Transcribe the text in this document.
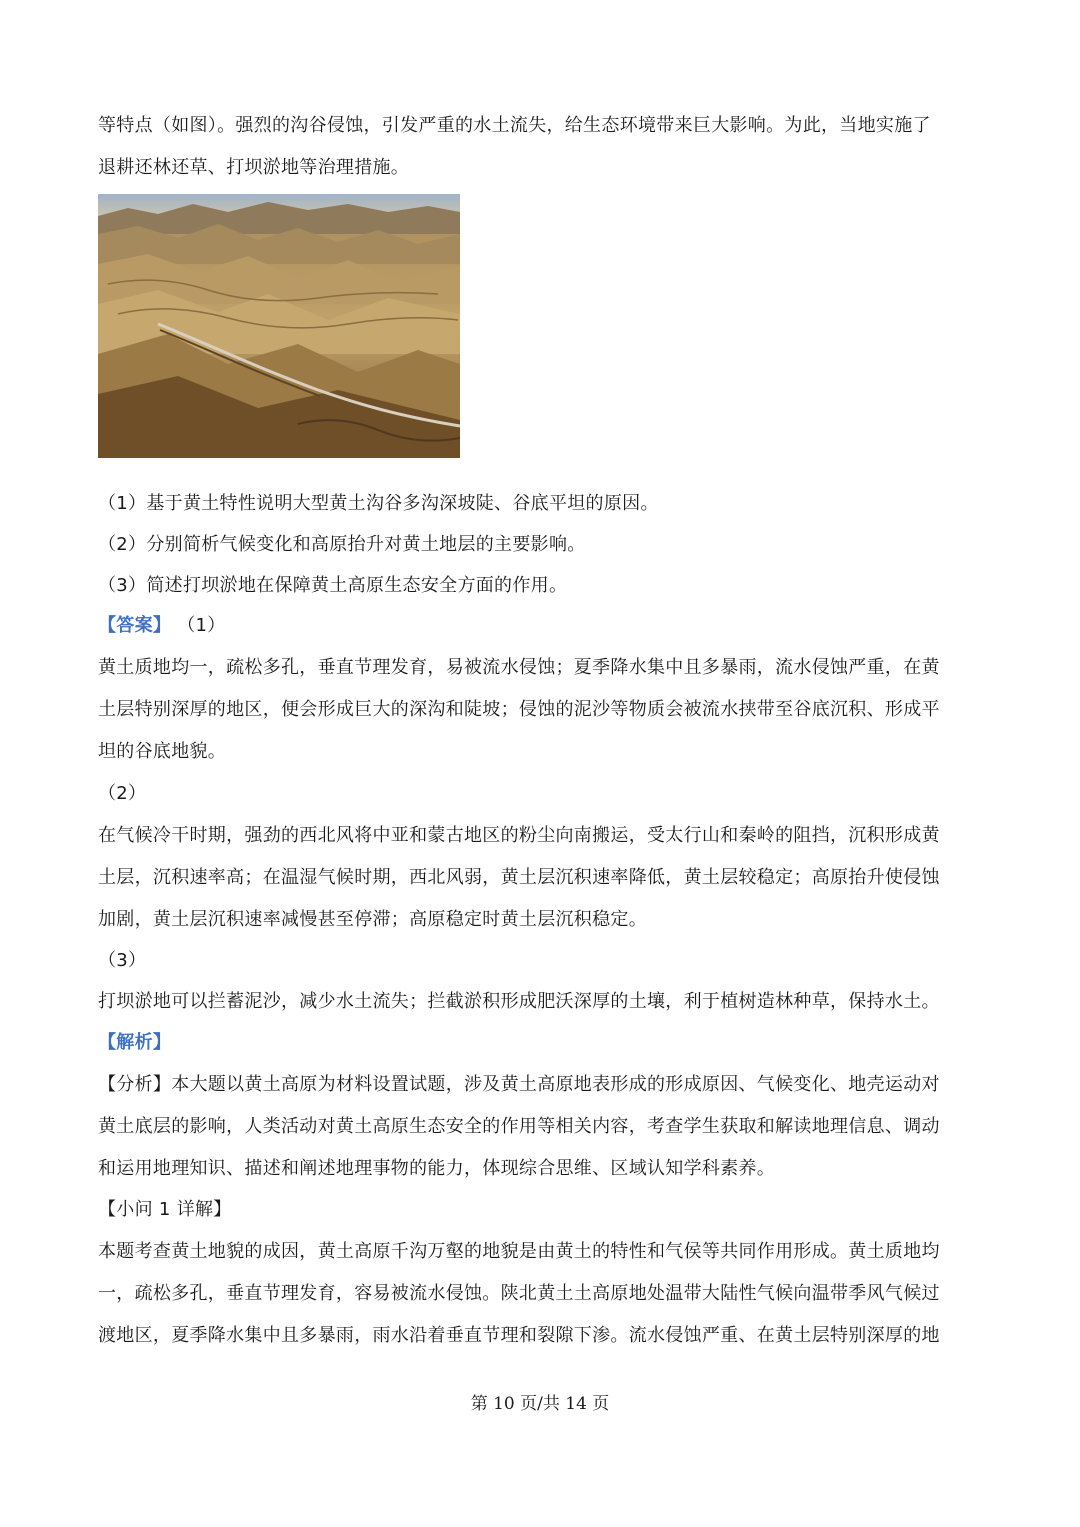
等特点（如图）。强烈的沟谷侵蚀，引发严重的水土流失，给生态环境带来巨大影响。为此，当地实施了
退耕还林还草、打坝淤地等治理措施。
（1）基于黄土特性说明大型黄土沟谷多沟深坡陡、谷底平坦的原因。
（2）分别简析气候变化和高原抬升对黄土地层的主要影响。
（3）简述打坝淤地在保障黄土高原生态安全方面的作用。
【答案】 （1）
黄土质地均一，疏松多孔，垂直节理发育，易被流水侵蚀；夏季降水集中且多暴雨，流水侵蚀严重，在黄
土层特别深厚的地区，便会形成巨大的深沟和陡坡；侵蚀的泥沙等物质会被流水挟带至谷底沉积、形成平
坦的谷底地貌。
（2）
在气候冷干时期，强劲的西北风将中亚和蒙古地区的粉尘向南搬运，受太行山和秦岭的阻挡，沉积形成黄
土层，沉积速率高；在温湿气候时期，西北风弱，黄土层沉积速率降低，黄土层较稳定；高原抬升使侵蚀
加剧，黄土层沉积速率减慢甚至停滞；高原稳定时黄土层沉积稳定。
（3）
打坝淤地可以拦蓄泥沙，减少水土流失；拦截淤积形成肥沃深厚的土壤，利于植树造林种草，保持水土。
【解析】
【分析】本大题以黄土高原为材料设置试题，涉及黄土高原地表形成的形成原因、气候变化、地壳运动对
黄土底层的影响，人类活动对黄土高原生态安全的作用等相关内容，考查学生获取和解读地理信息、调动
和运用地理知识、描述和阐述地理事物的能力，体现综合思维、区域认知学科素养。
【小问 1 详解】
本题考查黄土地貌的成因，黄土高原千沟万壑的地貌是由黄土的特性和气侯等共同作用形成。黄土质地均
一，疏松多孔，垂直节理发育，容易被流水侵蚀。陕北黄土土高原地处温带大陆性气候向温带季风气候过
渡地区，夏季降水集中且多暴雨，雨水沿着垂直节理和裂隙下渗。流水侵蚀严重、在黄土层特别深厚的地
第 10 页/共 14 页
